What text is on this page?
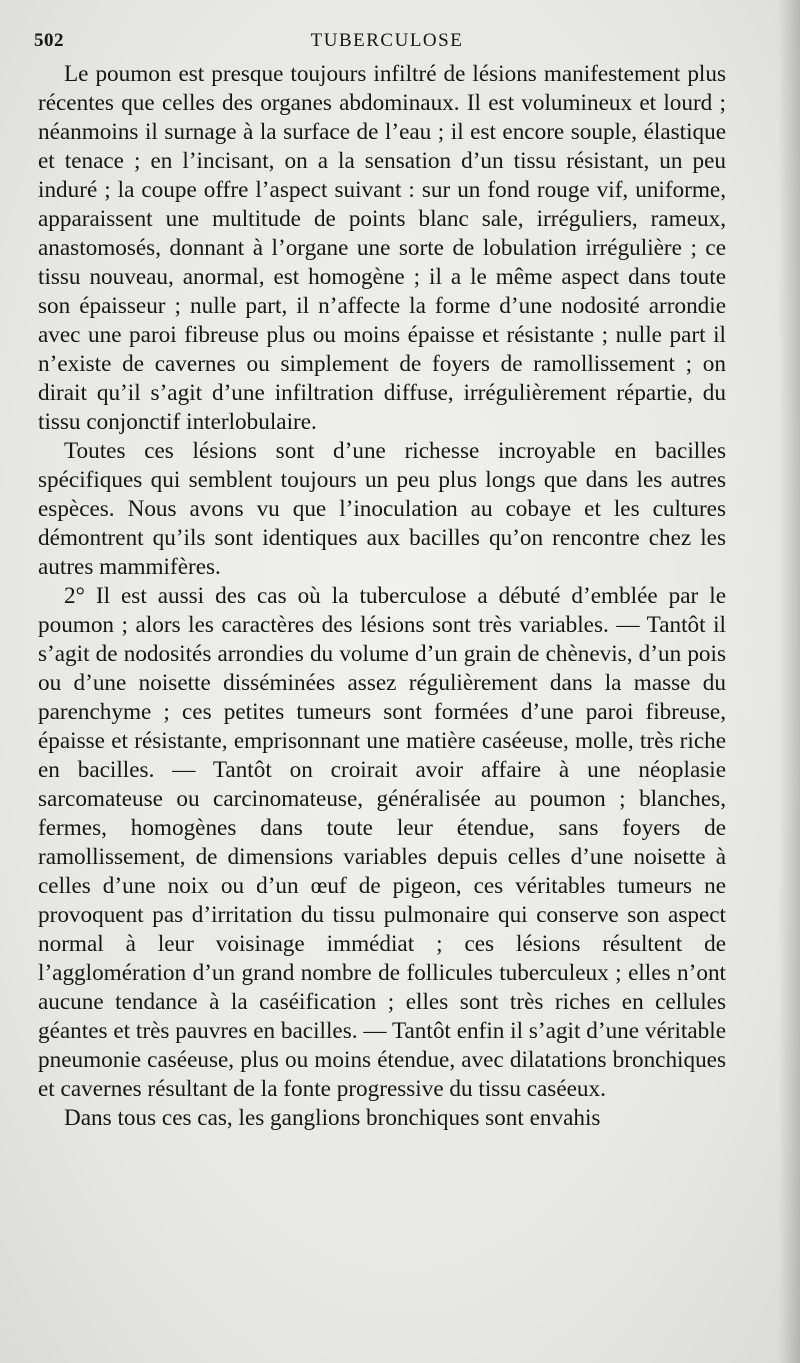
502	TUBERCULOSE

Le poumon est presque toujours infiltré de lésions manifestement plus récentes que celles des organes abdominaux. Il est volumineux et lourd ; néanmoins il surnage à la surface de l’eau ; il est encore souple, élastique et tenace ; en l’incisant, on a la sensation d’un tissu résistant, un peu induré ; la coupe offre l’aspect suivant : sur un fond rouge vif, uniforme, apparaissent une multitude de points blanc sale, irréguliers, rameux, anastomosés, donnant à l’organe une sorte de lobulation irrégulière ; ce tissu nouveau, anormal, est homogène ; il a le même aspect dans toute son épaisseur ; nulle part, il n’affecte la forme d’une nodosité arrondie avec une paroi fibreuse plus ou moins épaisse et résistante ; nulle part il n’existe de cavernes ou simplement de foyers de ramollissement ; on dirait qu’il s’agit d’une infiltration diffuse, irrégulièrement répartie, du tissu conjonctif interlobulaire.

Toutes ces lésions sont d’une richesse incroyable en bacilles spécifiques qui semblent toujours un peu plus longs que dans les autres espèces. Nous avons vu que l’inoculation au cobaye et les cultures démontrent qu’ils sont identiques aux bacilles qu’on rencontre chez les autres mammifères.

2° Il est aussi des cas où la tuberculose a débuté d’emblée par le poumon ; alors les caractères des lésions sont très variables. — Tantôt il s’agit de nodosités arrondies du volume d’un grain de chènevis, d’un pois ou d’une noisette disséminées assez régulièrement dans la masse du parenchyme ; ces petites tumeurs sont formées d’une paroi fibreuse, épaisse et résistante, emprisonnant une matière caséeuse, molle, très riche en bacilles. — Tantôt on croirait avoir affaire à une néoplasie sarcomateuse ou carcinomateuse, généralisée au poumon ; blanches, fermes, homogènes dans toute leur étendue, sans foyers de ramollissement, de dimensions variables depuis celles d’une noisette à celles d’une noix ou d’un œuf de pigeon, ces véritables tumeurs ne provoquent pas d’irritation du tissu pulmonaire qui conserve son aspect normal à leur voisinage immédiat ; ces lésions résultent de l’agglomération d’un grand nombre de follicules tuberculeux ; elles n’ont aucune tendance à la caséification ; elles sont très riches en cellules géantes et très pauvres en bacilles. — Tantôt enfin il s’agit d’une véritable pneumonie caséeuse, plus ou moins étendue, avec dilatations bronchiques et cavernes résultant de la fonte progressive du tissu caséeux.

Dans tous ces cas, les ganglions bronchiques sont envahis
